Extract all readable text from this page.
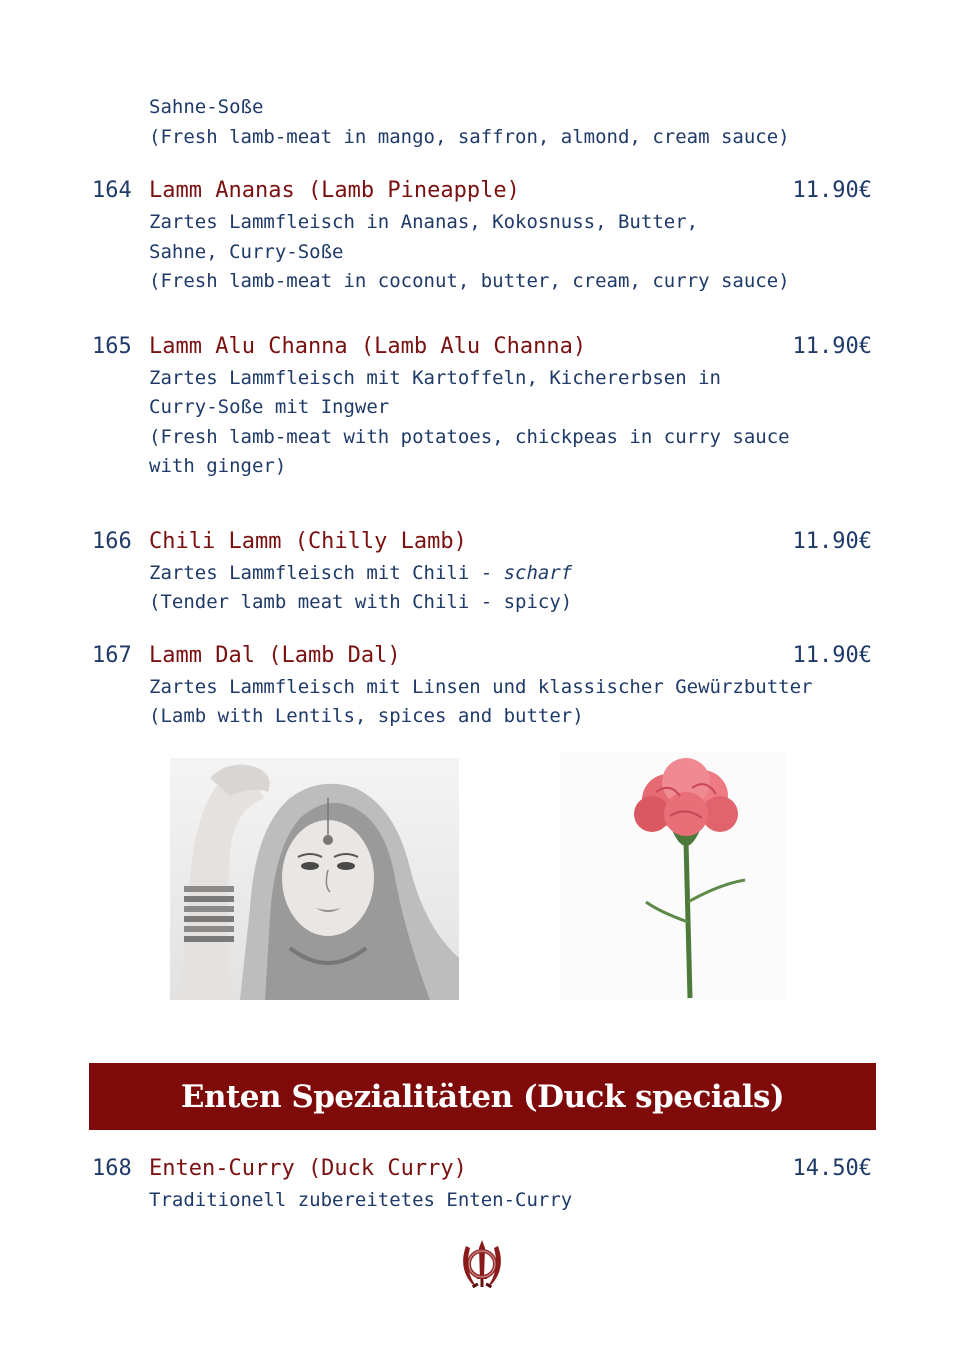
Sahne-Soße
(Fresh lamb-meat in mango, saffron, almond, cream sauce)
164 Lamm Ananas (Lamb Pineapple)	11.90€
Zartes Lammfleisch in Ananas, Kokosnuss, Butter,
Sahne, Curry-Soße
(Fresh lamb-meat in coconut, butter, cream, curry sauce)
165 Lamm Alu Channa (Lamb Alu Channa)	11.90€
Zartes Lammfleisch mit Kartoffeln, Kichererbsen in
Curry-Soße mit Ingwer
(Fresh lamb-meat with potatoes, chickpeas in curry sauce
with ginger)
166 Chili Lamm (Chilly Lamb)	11.90€
Zartes Lammfleisch mit Chili - scharf
(Tender lamb meat with Chili - spicy)
167 Lamm Dal (Lamb Dal)	11.90€
Zartes Lammfleisch mit Linsen und klassischer Gewürzbutter
(Lamb with Lentils, spices and butter)
Enten Spezialitäten (Duck specials)
168 Enten-Curry (Duck Curry)	14.50€
Traditionell zubereitetes Enten-Curry
